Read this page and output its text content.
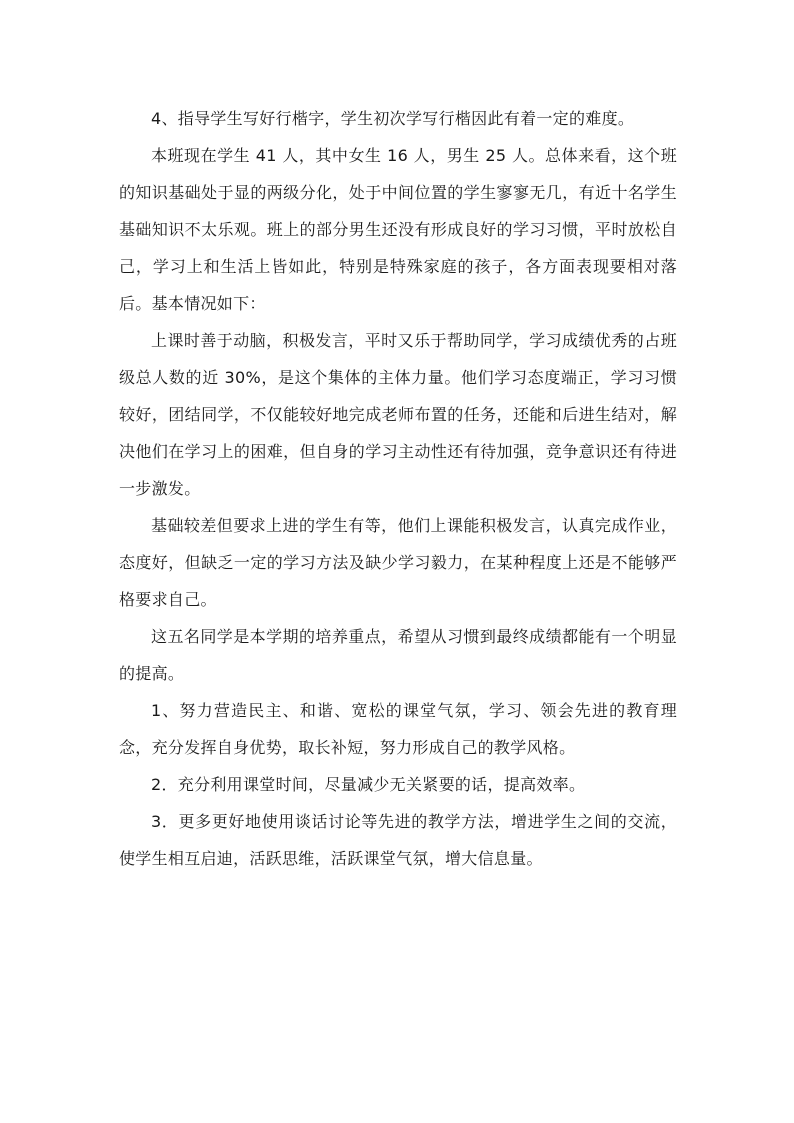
4、指导学生写好行楷字，学生初次学写行楷因此有着一定的难度。

本班现在学生 41 人，其中女生 16 人，男生 25 人。总体来看，这个班的知识基础处于显的两级分化，处于中间位置的学生寥寥无几，有近十名学生基础知识不太乐观。班上的部分男生还没有形成良好的学习习惯，平时放松自己，学习上和生活上皆如此，特别是特殊家庭的孩子，各方面表现要相对落后。基本情况如下：

上课时善于动脑，积极发言，平时又乐于帮助同学，学习成绩优秀的占班级总人数的近 30%，是这个集体的主体力量。他们学习态度端正，学习习惯较好，团结同学，不仅能较好地完成老师布置的任务，还能和后进生结对，解决他们在学习上的困难，但自身的学习主动性还有待加强，竞争意识还有待进一步激发。

基础较差但要求上进的学生有等，他们上课能积极发言，认真完成作业，态度好，但缺乏一定的学习方法及缺少学习毅力，在某种程度上还是不能够严格要求自己。

这五名同学是本学期的培养重点，希望从习惯到最终成绩都能有一个明显的提高。

1、努力营造民主、和谐、宽松的课堂气氛，学习、领会先进的教育理念，充分发挥自身优势，取长补短，努力形成自己的教学风格。

2．充分利用课堂时间，尽量减少无关紧要的话，提高效率。

3．更多更好地使用谈话讨论等先进的教学方法，增进学生之间的交流，使学生相互启迪，活跃思维，活跃课堂气氛，增大信息量。
